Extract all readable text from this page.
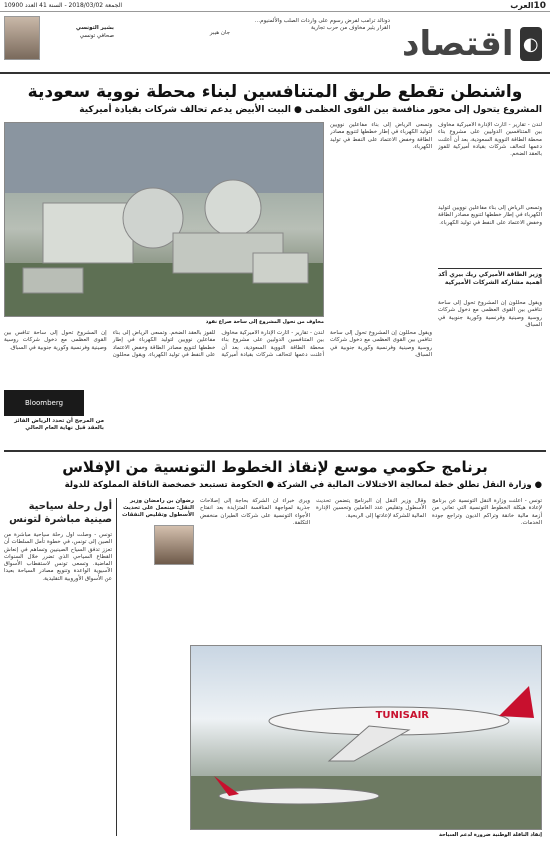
10
العرب
الجمعة 2018/03/02 - السنة 41 العدد 10900
◐
اقتصاد
دونالد ترامب لفرض رسوم على واردات الصلب والألمنيوم… القرار يثير مخاوف من حرب تجارية
جان هيبر
بشير التونسي
صحافي تونسي
واشنطن تقطع طريق المتنافسين لبناء محطة نووية سعودية
المشروع يتحول إلى محور منافسة بين القوى العظمى ● البيت الأبيض يدعم تحالف شركات بقيادة أميركية
مخاوف من تحول المشروع إلى ساحة صراع نفوذ
لندن - تقارير - أثارت الإدارة الأميركية مخاوف بين المتنافسين الدوليين على مشروع بناء محطة الطاقة النووية السعودية، بعد أن أعلنت دعمها لتحالف شركات بقيادة أميركية للفوز بالعقد الضخم.
وتسعى الرياض إلى بناء مفاعلين نوويين لتوليد الكهرباء في إطار خططها لتنويع مصادر الطاقة وخفض الاعتماد على النفط في توليد الكهرباء.
وزير الطاقة الأميركي ريك بيري أكد أهمية مشاركة الشركات الأميركية
ويقول محللون إن المشروع تحول إلى ساحة تنافس بين القوى العظمى مع دخول شركات روسية وصينية وفرنسية وكورية جنوبية في السباق.
وتسعى الرياض إلى بناء مفاعلين نوويين لتوليد الكهرباء في إطار خططها لتنويع مصادر الطاقة وخفض الاعتماد على النفط في توليد الكهرباء.
ويقول محللون إن المشروع تحول إلى ساحة تنافس بين القوى العظمى مع دخول شركات روسية وصينية وفرنسية وكورية جنوبية في السباق.
لندن - تقارير - أثارت الإدارة الأميركية مخاوف بين المتنافسين الدوليين على مشروع بناء محطة الطاقة النووية السعودية، بعد أن أعلنت دعمها لتحالف شركات بقيادة أميركية للفوز بالعقد الضخم. وتسعى الرياض إلى بناء مفاعلين نوويين لتوليد الكهرباء في إطار خططها لتنويع مصادر الطاقة وخفض الاعتماد على النفط في توليد الكهرباء. ويقول محللون إن المشروع تحول إلى ساحة تنافس بين القوى العظمى مع دخول شركات روسية وصينية وفرنسية وكورية جنوبية في السباق.
Bloomberg
من المرجح أن تحدد الرياض الفائز بالعقد قبل نهاية العام الحالي
برنامج حكومي موسع لإنقاذ الخطوط التونسية من الإفلاس
● وزارة النقل تطلق خطة لمعالجة الاختلالات المالية في الشركة ● الحكومة تستبعد خصخصة الناقلة المملوكة للدولة
تونس - أعلنت وزارة النقل التونسية عن برنامج لإعادة هيكلة الخطوط التونسية التي تعاني من أزمة مالية خانقة وتراكم الديون وتراجع جودة الخدمات.
وقال وزير النقل إن البرنامج يتضمن تحديث الأسطول وتقليص عدد العاملين وتحسين الإدارة المالية للشركة لإعادتها إلى الربحية.
ويرى خبراء أن الشركة بحاجة إلى إصلاحات جذرية لمواجهة المنافسة المتزايدة بعد انفتاح الأجواء التونسية على شركات الطيران منخفض التكلفة.
رضوان بن رامضان وزير النقل: سنعمل على تحديث الأسطول وتقليص النفقات
TUNISAIR
إنقاذ الناقلة الوطنية ضرورة لدعم السياحة
أول رحلة سياحية صينية مباشرة لتونس
تونس - وصلت أول رحلة سياحية مباشرة من الصين إلى تونس، في خطوة تأمل السلطات أن تعزز تدفق السياح الصينيين وتساهم في إنعاش القطاع السياحي الذي تضرر خلال السنوات الماضية. وتسعى تونس لاستقطاب الأسواق الآسيوية الواعدة وتنويع مصادر السياحة بعيدا عن الأسواق الأوروبية التقليدية.
